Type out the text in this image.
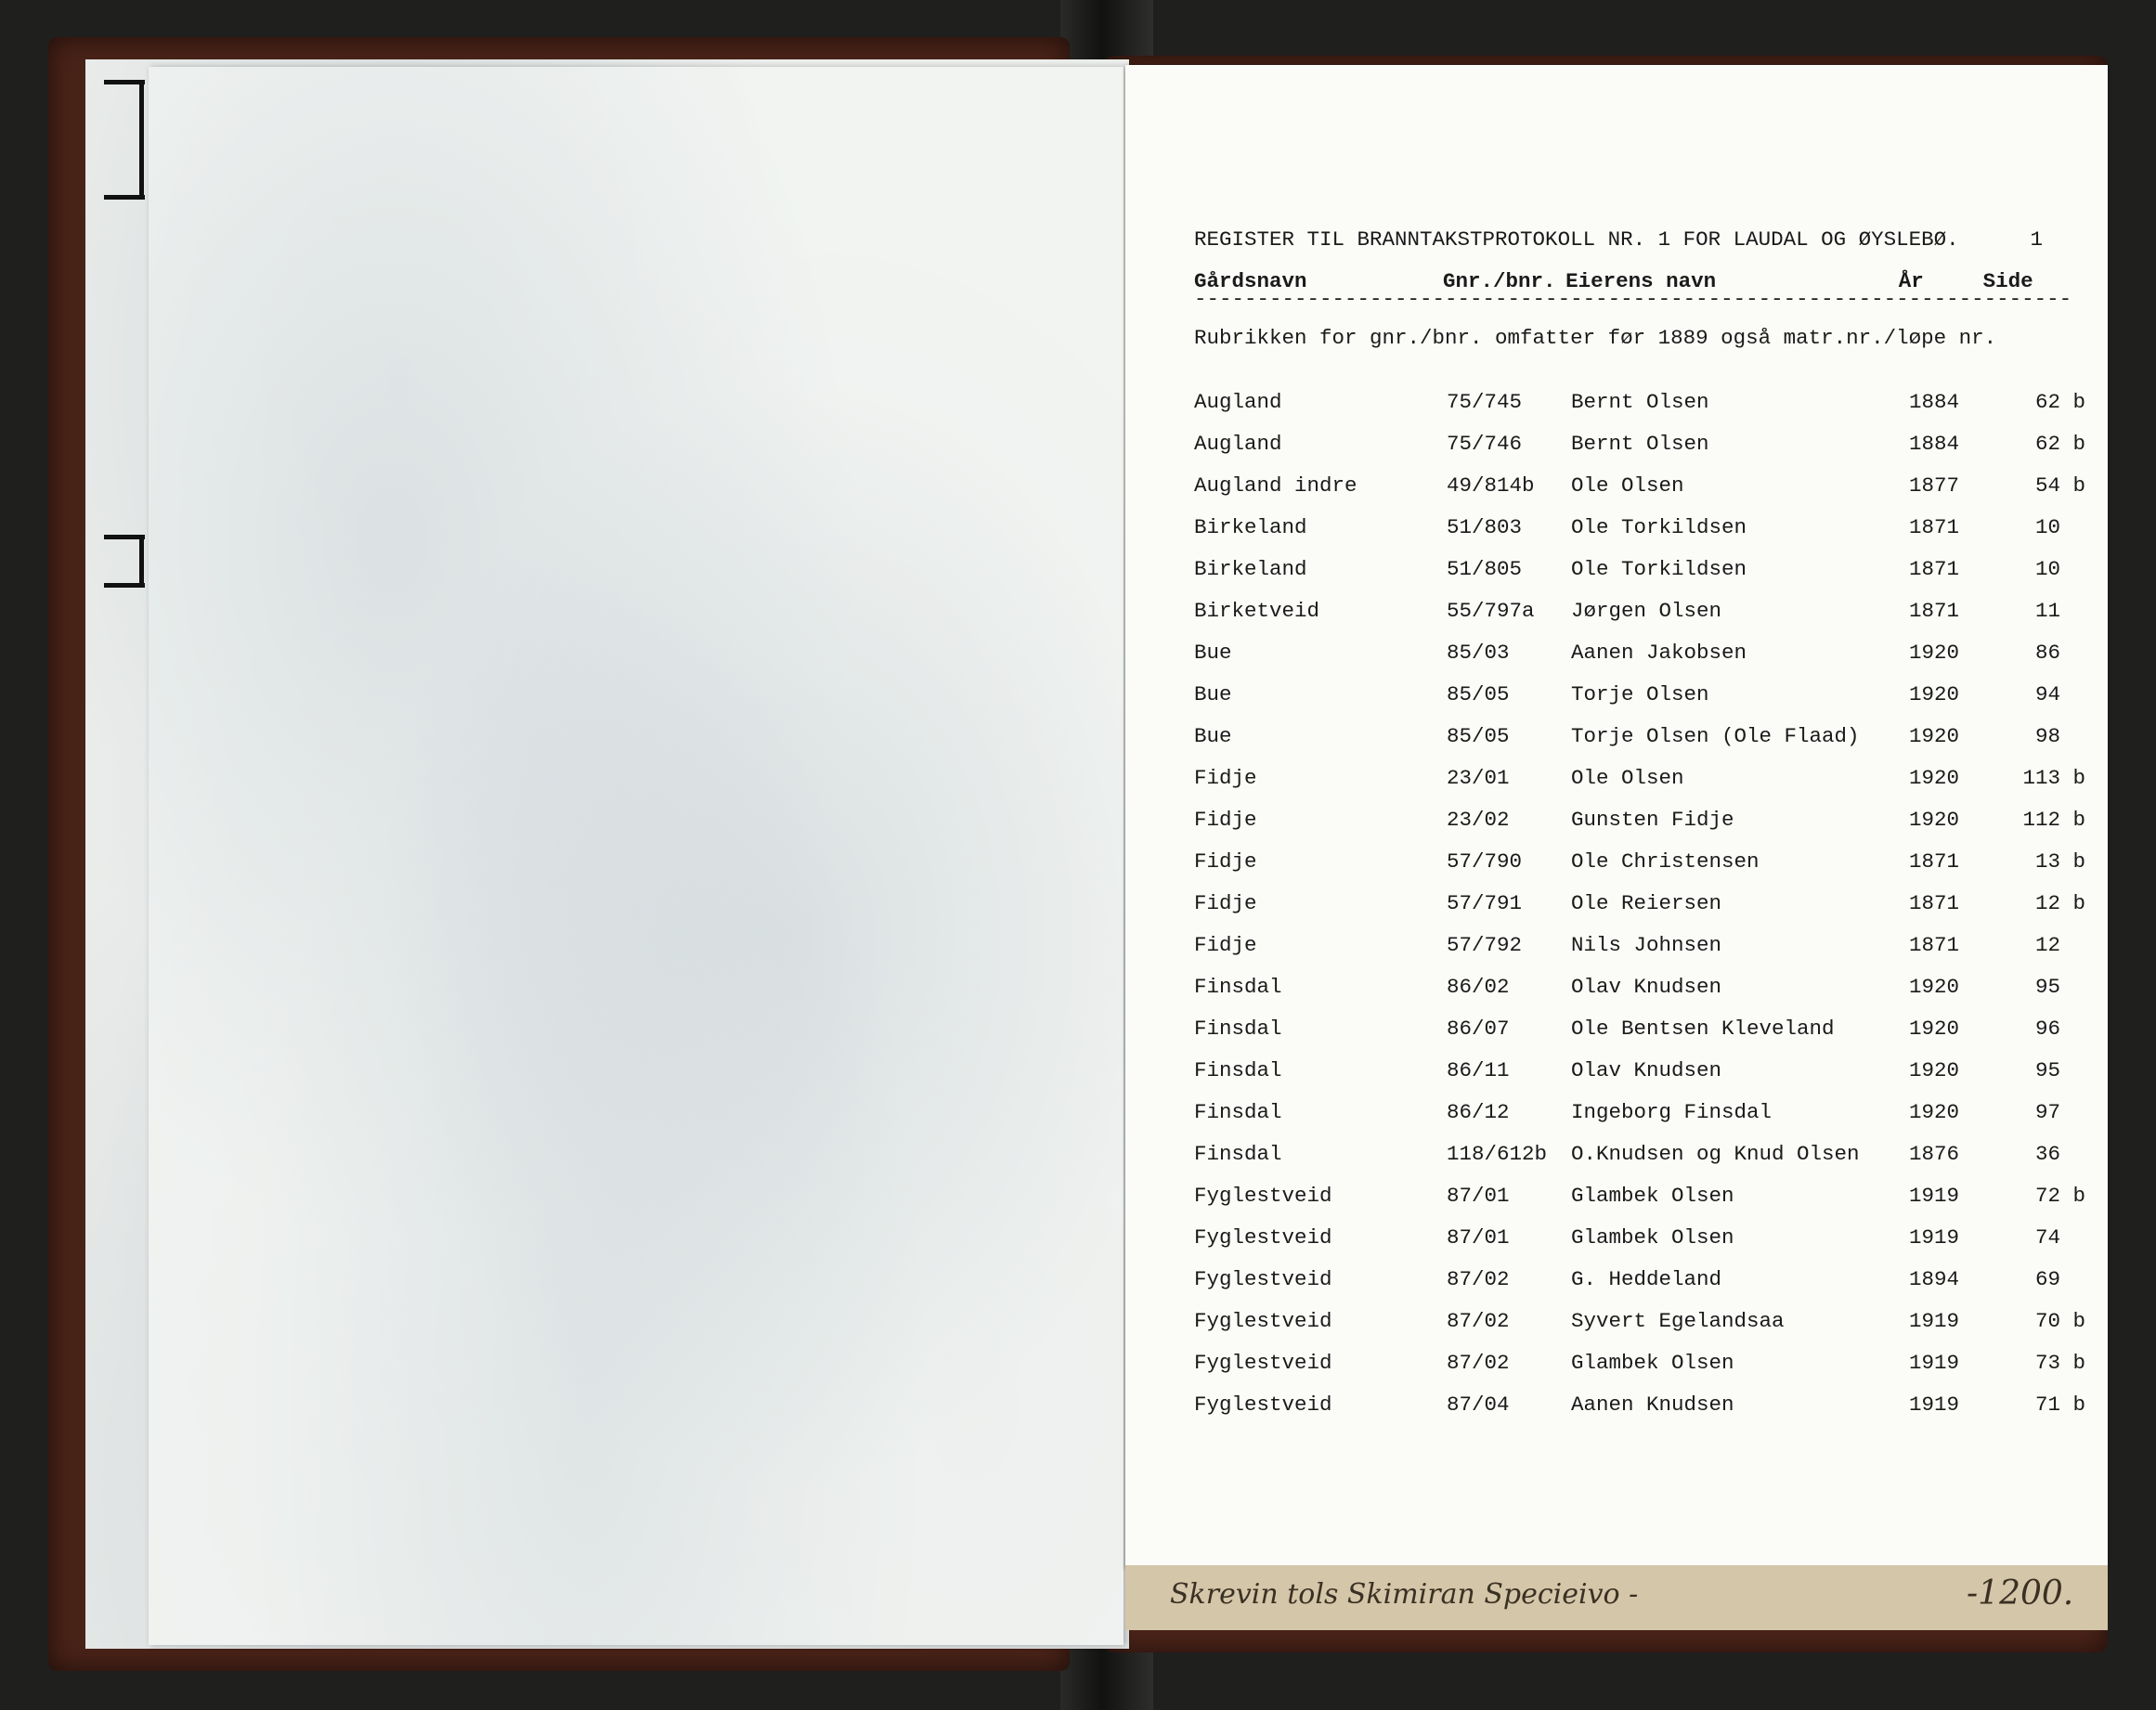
Skrevin tols Skimiran Specieivo -	-1200.
REGISTER TIL BRANNTAKSTPROTOKOLL NR. 1 FOR LAUDAL OG ØYSLEBØ.	1
Gårdsnavn	Gnr./bnr. Eierens navn	År	Side
----------------------------------------------------------------------
Rubrikken for gnr./bnr. omfatter før 1889 også matr.nr./løpe nr.
Augland	75/745	Bernt Olsen	1884	62 b
Augland	75/746	Bernt Olsen	1884	62 b
Augland indre	49/814b	Ole Olsen	1877	54 b
Birkeland	51/803	Ole Torkildsen	1871	10
Birkeland	51/805	Ole Torkildsen	1871	10
Birketveid	55/797a	Jørgen Olsen	1871	11
Bue	85/03	Aanen Jakobsen	1920	86
Bue	85/05	Torje Olsen	1920	94
Bue	85/05	Torje Olsen (Ole Flaad)	1920	98
Fidje	23/01	Ole Olsen	1920	113 b
Fidje	23/02	Gunsten Fidje	1920	112 b
Fidje	57/790	Ole Christensen	1871	13 b
Fidje	57/791	Ole Reiersen	1871	12 b
Fidje	57/792	Nils Johnsen	1871	12
Finsdal	86/02	Olav Knudsen	1920	95
Finsdal	86/07	Ole Bentsen Kleveland	1920	96
Finsdal	86/11	Olav Knudsen	1920	95
Finsdal	86/12	Ingeborg Finsdal	1920	97
Finsdal	118/612b	O.Knudsen og Knud Olsen	1876	36
Fyglestveid	87/01	Glambek Olsen	1919	72 b
Fyglestveid	87/01	Glambek Olsen	1919	74
Fyglestveid	87/02	G. Heddeland	1894	69
Fyglestveid	87/02	Syvert Egelandsaa	1919	70 b
Fyglestveid	87/02	Glambek Olsen	1919	73 b
Fyglestveid	87/04	Aanen Knudsen	1919	71 b
